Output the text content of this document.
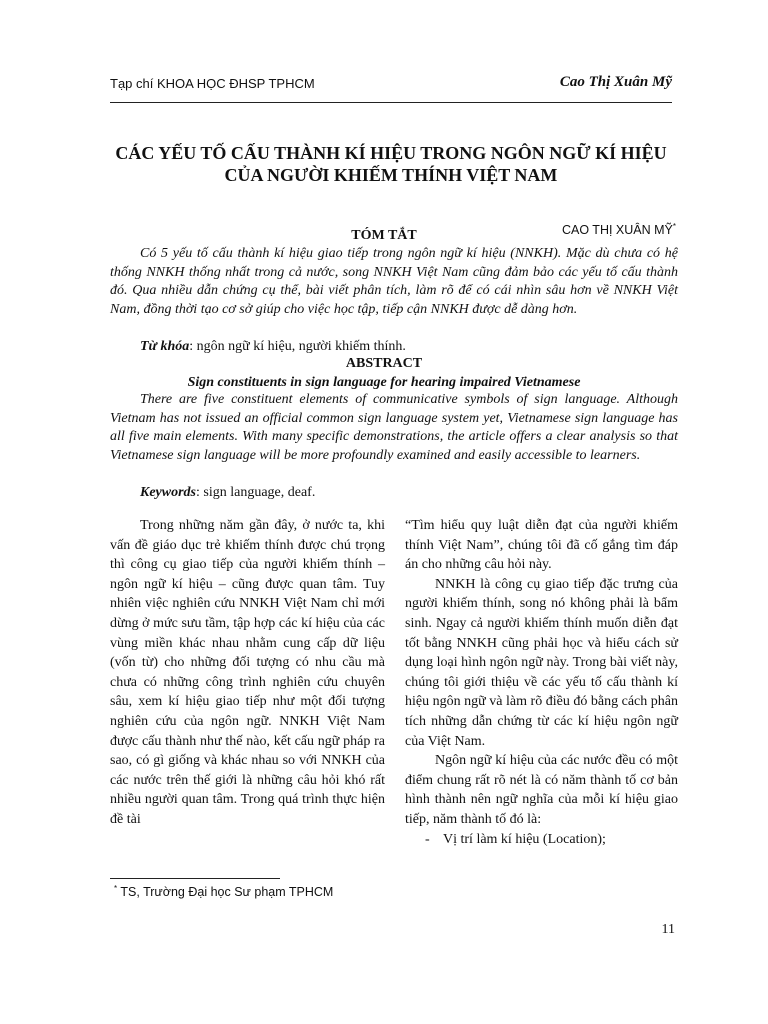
Tạp chí KHOA HỌC ĐHSP TPHCM	Cao Thị Xuân Mỹ
CÁC YẾU TỐ CẤU THÀNH KÍ HIỆU TRONG NGÔN NGỮ KÍ HIỆU
CỦA NGƯỜI KHIẾM THÍNH VIỆT NAM
CAO THỊ XUÂN MỸ*
TÓM TẮT

Có 5 yếu tố cấu thành kí hiệu giao tiếp trong ngôn ngữ kí hiệu (NNKH). Mặc dù chưa có hệ thống NNKH thống nhất trong cả nước, song NNKH Việt Nam cũng đảm bảo các yếu tố cấu thành đó. Qua nhiều dẫn chứng cụ thể, bài viết phân tích, làm rõ để có cái nhìn sâu hơn về NNKH Việt Nam, đồng thời tạo cơ sở giúp cho việc học tập, tiếp cận NNKH được dễ dàng hơn.

Từ khóa: ngôn ngữ kí hiệu, người khiếm thính.
ABSTRACT
Sign constituents in sign language for hearing impaired Vietnamese

There are five constituent elements of communicative symbols of sign language. Although Vietnam has not issued an official common sign language system yet, Vietnamese sign language has all five main elements. With many specific demonstrations, the article offers a clear analysis so that Vietnamese sign language will be more profoundly examined and easily accessible to learners.

Keywords: sign language, deaf.

Trong những năm gần đây, ở nước ta, khi vấn đề giáo dục trẻ khiếm thính được chú trọng thì công cụ giao tiếp của người khiếm thính – ngôn ngữ kí hiệu – cũng được quan tâm. Tuy nhiên việc nghiên cứu NNKH Việt Nam chỉ mới dừng ở mức sưu tầm, tập hợp các kí hiệu của các vùng miền khác nhau nhằm cung cấp dữ liệu (vốn từ) cho những đối tượng có nhu cầu mà chưa có những công trình nghiên cứu chuyên sâu, xem kí hiệu giao tiếp như một đối tượng nghiên cứu của ngôn ngữ. NNKH Việt Nam được cấu thành như thế nào, kết cấu ngữ pháp ra sao, có gì giống và khác nhau so với NNKH của các nước trên thế giới là những câu hỏi khó rất nhiều người quan tâm. Trong quá trình thực hiện đề tài

“Tìm hiểu quy luật diễn đạt của người khiếm thính Việt Nam”, chúng tôi đã cố gắng tìm đáp án cho những câu hỏi này.

NNKH là công cụ giao tiếp đặc trưng của người khiếm thính, song nó không phải là bẩm sinh. Ngay cả người khiếm thính muốn diễn đạt tốt bằng NNKH cũng phải học và hiểu cách sử dụng loại hình ngôn ngữ này. Trong bài viết này, chúng tôi giới thiệu về các yếu tố cấu thành kí hiệu ngôn ngữ và làm rõ điều đó bằng cách phân tích những dẫn chứng từ các kí hiệu ngôn ngữ của Việt Nam.

Ngôn ngữ kí hiệu của các nước đều có một điểm chung rất rõ nét là có năm thành tố cơ bản hình thành nên ngữ nghĩa của mỗi kí hiệu giao tiếp, năm thành tố đó là:

- Vị trí làm kí hiệu (Location);
* TS, Trường Đại học Sư phạm TPHCM
11
